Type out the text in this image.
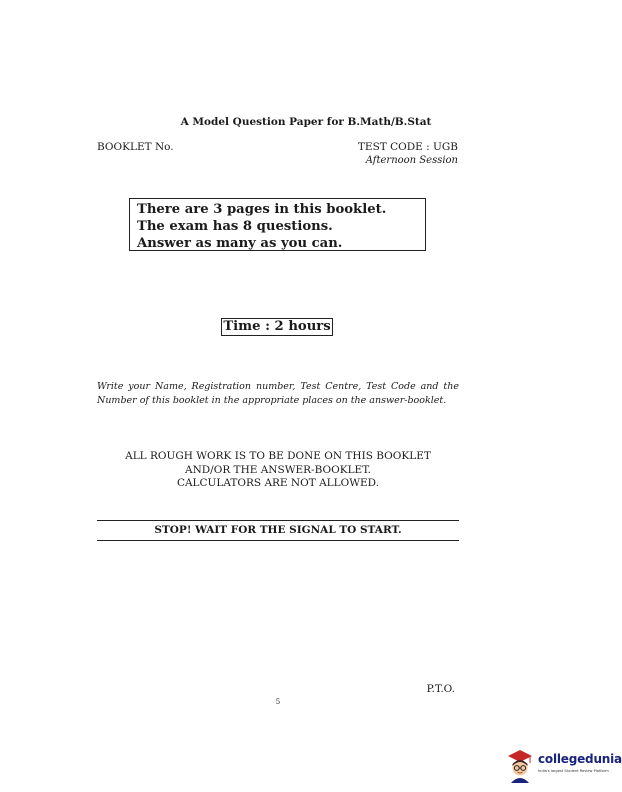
A Model Question Paper for B.Math/B.Stat
BOOKLET No.	TEST CODE : UGB
Afternoon Session
There are 3 pages in this booklet.
The exam has 8 questions.
Answer as many as you can.
Time : 2 hours
Write your Name, Registration number, Test Centre, Test Code and the Number of this booklet in the appropriate places on the answer-booklet.
ALL ROUGH WORK IS TO BE DONE ON THIS BOOKLET
AND/OR THE ANSWER-BOOKLET.
CALCULATORS ARE NOT ALLOWED.
STOP! WAIT FOR THE SIGNAL TO START.
P.T.O.
5
collegedunia
India's largest Student Review Platform
